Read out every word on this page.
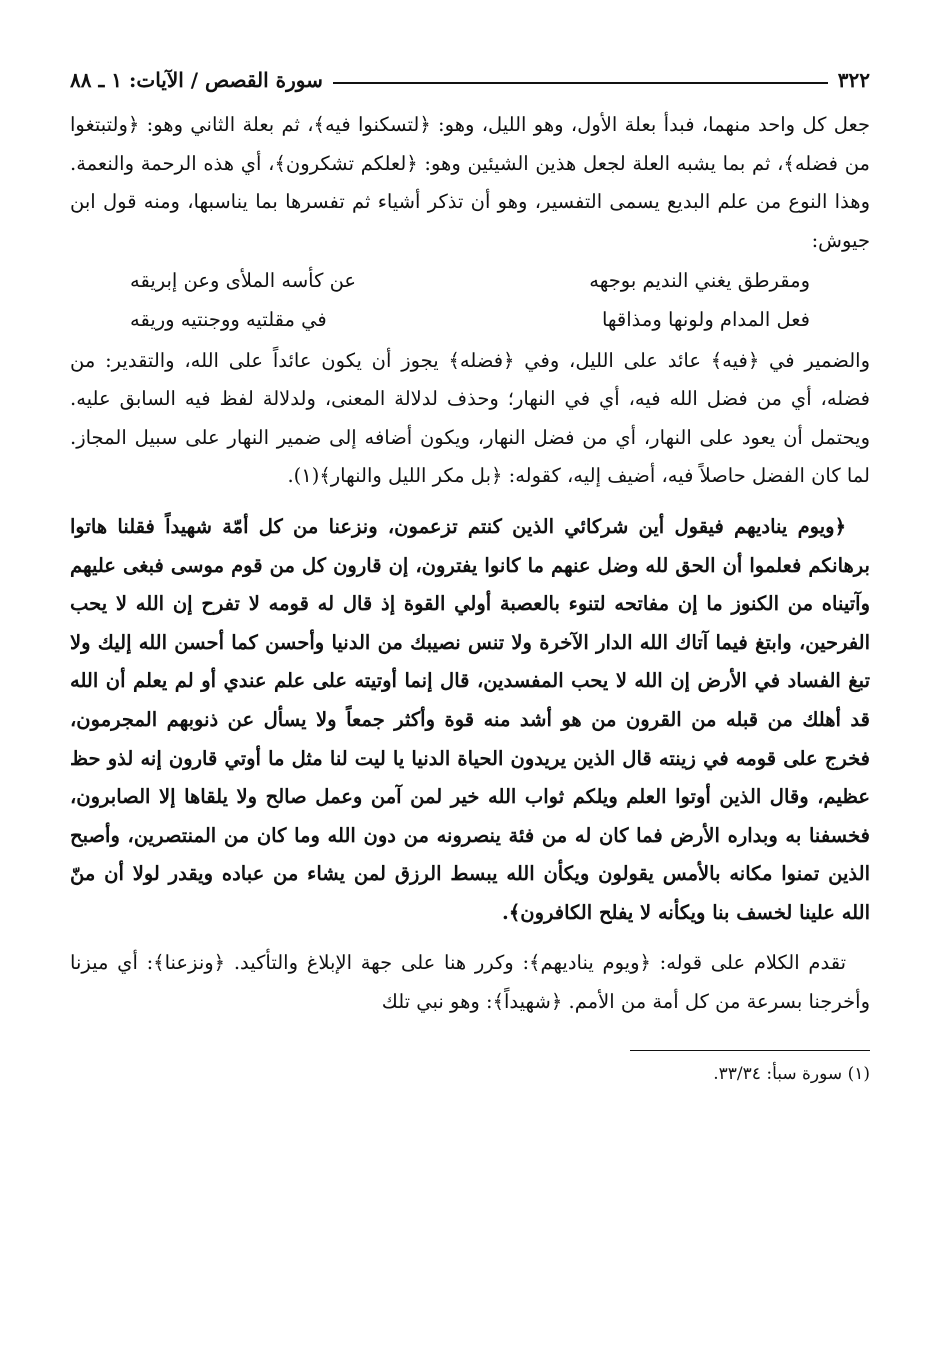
٣٢٢
سورة القصص / الآيات: ١ ـ ٨٨

جعل كل واحد منهما، فبدأ بعلة الأول، وهو الليل، وهو: ﴿لتسكنوا فيه﴾، ثم بعلة الثاني وهو: ﴿ولتبتغوا من فضله﴾، ثم بما يشبه العلة لجعل هذين الشيئين وهو: ﴿لعلكم تشكرون﴾، أي هذه الرحمة والنعمة. وهذا النوع من علم البديع يسمى التفسير، وهو أن تذكر أشياء ثم تفسرها بما يناسبها، ومنه قول ابن جيوش:

ومقرطق يغني النديم بوجهه
عن كأسه الملأى وعن إبريقه
فعل المدام ولونها ومذاقها
في مقلتيه ووجنتيه وريقه

والضمير في ﴿فيه﴾ عائد على الليل، وفي ﴿فضله﴾ يجوز أن يكون عائداً على الله، والتقدير: من فضله، أي من فضل الله فيه، أي في النهار؛ وحذف لدلالة المعنى، ولدلالة لفظ فيه السابق عليه. ويحتمل أن يعود على النهار، أي من فضل النهار، ويكون أضافه إلى ضمير النهار على سبيل المجاز. لما كان الفضل حاصلاً فيه، أضيف إليه، كقوله: ﴿بل مكر الليل والنهار﴾(١).

﴿ويوم يناديهم فيقول أين شركائي الذين كنتم تزعمون، ونزعنا من كل أمّة شهيداً فقلنا هاتوا برهانكم فعلموا أن الحق لله وضل عنهم ما كانوا يفترون، إن قارون كل من قوم موسى فبغى عليهم وآتيناه من الكنوز ما إن مفاتحه لتنوء بالعصبة أولي القوة إذ قال له قومه لا تفرح إن الله لا يحب الفرحين، وابتغ فيما آتاك الله الدار الآخرة ولا تنس نصيبك من الدنيا وأحسن كما أحسن الله إليك ولا تبغ الفساد في الأرض إن الله لا يحب المفسدين، قال إنما أوتيته على علم عندي أو لم يعلم أن الله قد أهلك من قبله من القرون من هو أشد منه قوة وأكثر جمعاً ولا يسأل عن ذنوبهم المجرمون، فخرج على قومه في زينته قال الذين يريدون الحياة الدنيا يا ليت لنا مثل ما أوتي قارون إنه لذو حظ عظيم، وقال الذين أوتوا العلم ويلكم ثواب الله خير لمن آمن وعمل صالح ولا يلقاها إلا الصابرون، فخسفنا به وبداره الأرض فما كان له من فئة ينصرونه من دون الله وما كان من المنتصرين، وأصبح الذين تمنوا مكانه بالأمس يقولون ويكأن الله يبسط الرزق لمن يشاء من عباده ويقدر لولا أن منّ الله علينا لخسف بنا ويكأنه لا يفلح الكافرون﴾.

تقدم الكلام على قوله: ﴿ويوم يناديهم﴾: وكرر هنا على جهة الإبلاغ والتأكيد. ﴿ونزعنا﴾: أي ميزنا وأخرجنا بسرعة من كل أمة من الأمم. ﴿شهيداً﴾: وهو نبي تلك

(١) سورة سبأ: ٣٣/٣٤.
